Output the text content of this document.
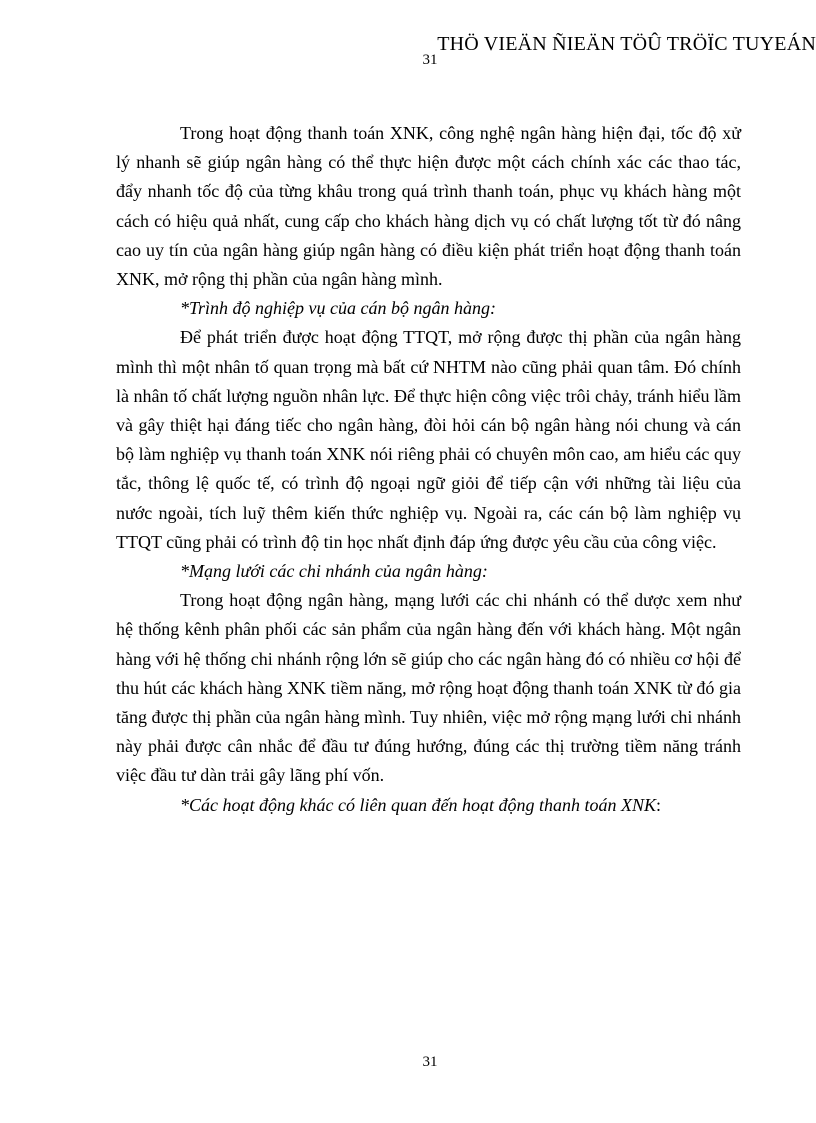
THÖ VIEÄN ÑIEÄN TÖÛ TRÖÏC TUYEÁN
31

Trong hoạt động thanh toán XNK, công nghệ ngân hàng hiện đại, tốc độ xử lý nhanh sẽ giúp ngân hàng có thể thực hiện được một cách chính xác các thao tác, đẩy nhanh tốc độ của từng khâu trong quá trình thanh toán, phục vụ khách hàng một cách có hiệu quả nhất, cung cấp cho khách hàng dịch vụ có chất lượng tốt từ đó nâng cao uy tín của ngân hàng giúp ngân hàng có điều kiện phát triển hoạt động thanh toán XNK, mở rộng thị phần của ngân hàng mình.

*Trình độ nghiệp vụ của cán bộ ngân hàng:

Để phát triển được hoạt động TTQT, mở rộng được thị phần của ngân hàng mình thì một nhân tố quan trọng mà bất cứ NHTM nào cũng phải quan tâm. Đó chính là nhân tố chất lượng nguồn nhân lực. Để thực hiện công việc trôi chảy, tránh hiểu lầm và gây thiệt hại đáng tiếc cho ngân hàng, đòi hỏi cán bộ ngân hàng nói chung và cán bộ làm nghiệp vụ thanh toán XNK nói riêng phải có chuyên môn cao, am hiểu các quy tắc, thông lệ quốc tế, có trình độ ngoại ngữ giỏi để tiếp cận với những tài liệu của nước ngoài, tích luỹ thêm kiến thức nghiệp vụ. Ngoài ra, các cán bộ làm nghiệp vụ TTQT cũng phải có trình độ tin học nhất định đáp ứng được yêu cầu của công việc.

*Mạng lưới các chi nhánh của ngân hàng:

Trong hoạt động ngân hàng, mạng lưới các chi nhánh có thể dược xem như hệ thống kênh phân phối các sản phẩm của ngân hàng đến với khách hàng. Một ngân hàng với hệ thống chi nhánh rộng lớn sẽ giúp cho các ngân hàng đó có nhiều cơ hội để thu hút các khách hàng XNK tiềm năng, mở rộng hoạt động thanh toán XNK từ đó gia tăng được thị phần của ngân hàng mình. Tuy nhiên, việc mở rộng mạng lưới chi nhánh này phải được cân nhắc để đầu tư đúng hướng, đúng các thị trường tiềm năng tránh việc đầu tư dàn trải gây lãng phí vốn.

*Các hoạt động khác có liên quan đến hoạt động thanh toán XNK:

31
